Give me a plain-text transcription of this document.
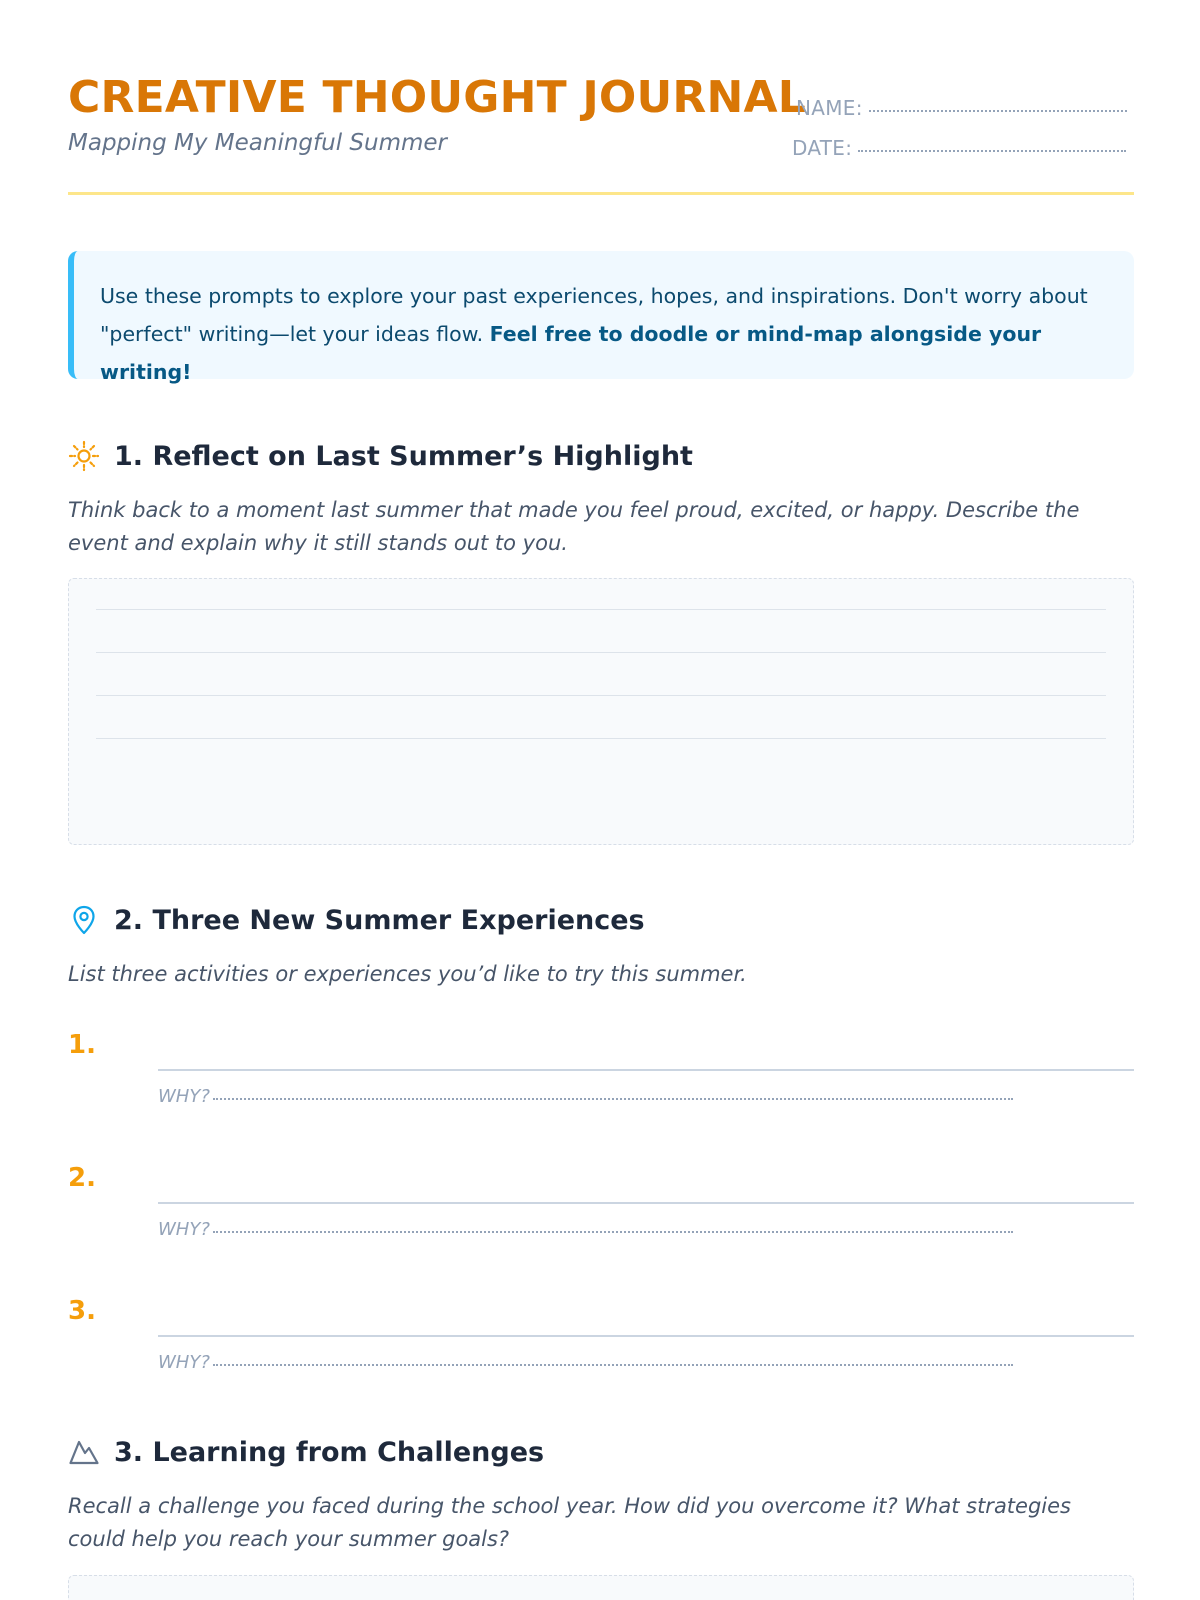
CREATIVE THOUGHT JOURNAL
Mapping My Meaningful Summer
NAME:
DATE:
Use these prompts to explore your past experiences, hopes, and inspirations. Don't worry about "perfect" writing—let your ideas flow. Feel free to doodle or mind-map alongside your writing!
1. Reflect on Last Summer’s Highlight
Think back to a moment last summer that made you feel proud, excited, or happy. Describe the event and explain why it still stands out to you.
2. Three New Summer Experiences
List three activities or experiences you’d like to try this summer.
1.
WHY?
2.
WHY?
3.
WHY?
3. Learning from Challenges
Recall a challenge you faced during the school year. How did you overcome it? What strategies could help you reach your summer goals?
